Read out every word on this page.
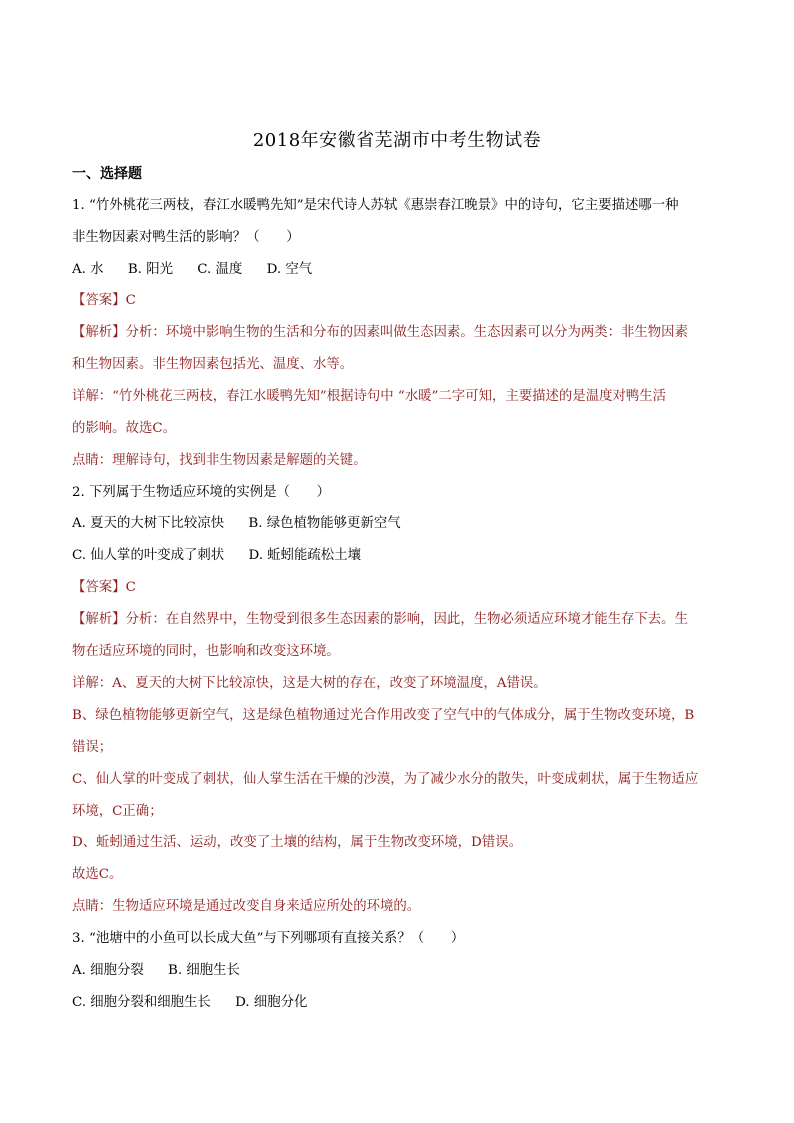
2018年安徽省芜湖市中考生物试卷
一、选择题
1. “竹外桃花三两枝，春江水暖鸭先知”是宋代诗人苏轼《惠崇春江晚景》中的诗句，它主要描述哪一种
非生物因素对鸭生活的影响？（　　）
A. 水 B. 阳光 C. 温度 D. 空气
【答案】C
【解析】分析：环境中影响生物的生活和分布的因素叫做生态因素。生态因素可以分为两类：非生物因素
和生物因素。非生物因素包括光、温度、水等。
详解：“竹外桃花三两枝，春江水暖鸭先知”根据诗句中 “水暖”二字可知，主要描述的是温度对鸭生活
的影响。故选C。
点睛：理解诗句，找到非生物因素是解题的关键。
2. 下列属于生物适应环境的实例是（　　）
A. 夏天的大树下比较凉快 B. 绿色植物能够更新空气
C. 仙人掌的叶变成了刺状 D. 蚯蚓能疏松土壤
【答案】C
【解析】分析：在自然界中，生物受到很多生态因素的影响，因此，生物必须适应环境才能生存下去。生
物在适应环境的同时，也影响和改变这环境。
详解：A、夏天的大树下比较凉快，这是大树的存在，改变了环境温度，A错误。
B、绿色植物能够更新空气，这是绿色植物通过光合作用改变了空气中的气体成分，属于生物改变环境，B
错误；
C、仙人掌的叶变成了刺状，仙人掌生活在干燥的沙漠，为了减少水分的散失，叶变成刺状，属于生物适应
环境，C正确；
D、蚯蚓通过生活、运动，改变了土壤的结构，属于生物改变环境，D错误。
故选C。
点睛：生物适应环境是通过改变自身来适应所处的环境的。
3. “池塘中的小鱼可以长成大鱼”与下列哪项有直接关系？（　　）
A. 细胞分裂 B. 细胞生长
C. 细胞分裂和细胞生长 D. 细胞分化
